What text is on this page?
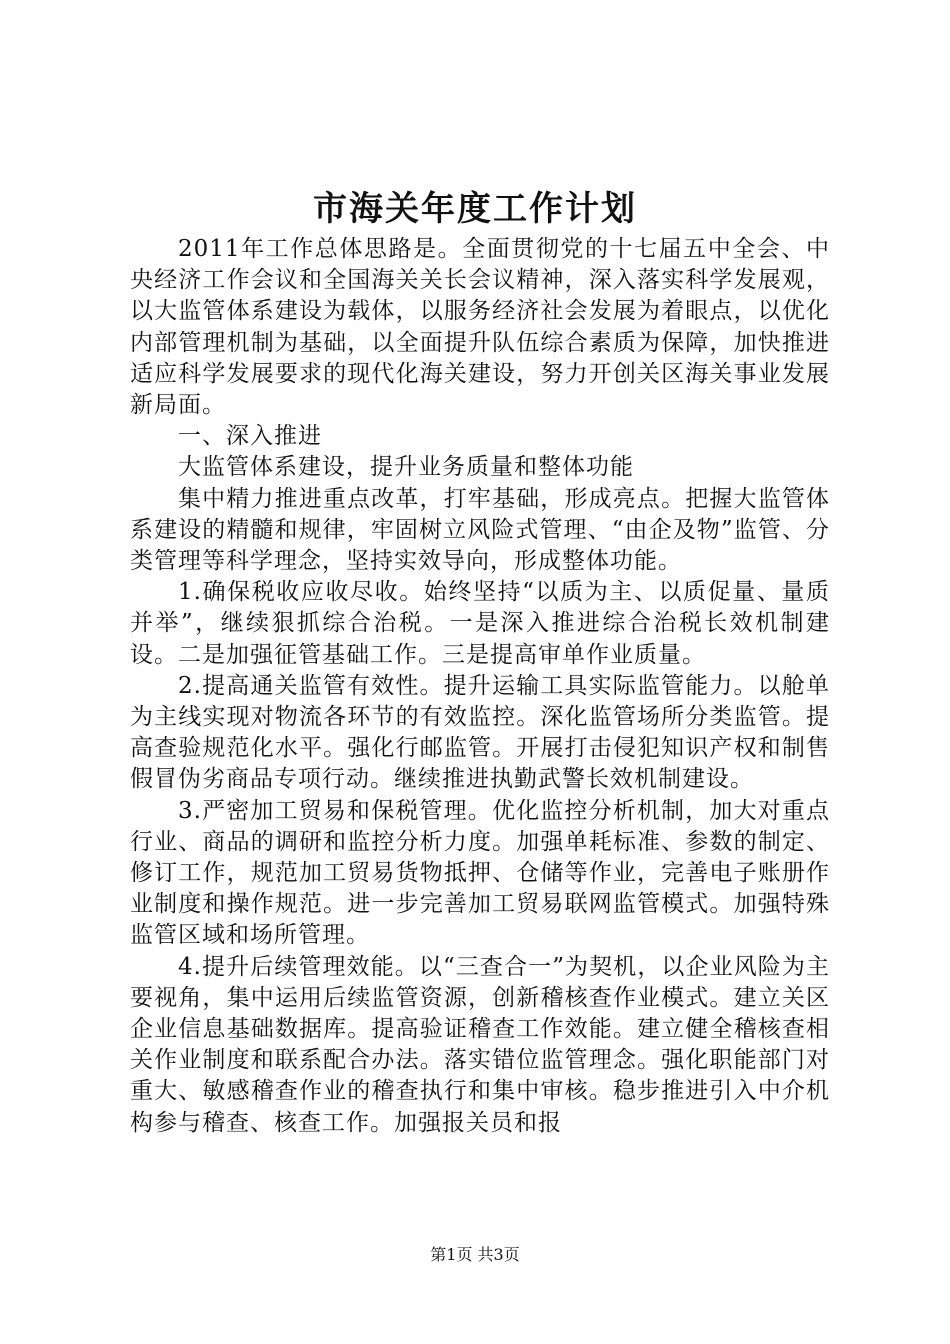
市海关年度工作计划

2011年工作总体思路是。全面贯彻党的十七届五中全会、中央经济工作会议和全国海关关长会议精神，深入落实科学发展观，以大监管体系建设为载体，以服务经济社会发展为着眼点，以优化内部管理机制为基础，以全面提升队伍综合素质为保障，加快推进适应科学发展要求的现代化海关建设，努力开创关区海关事业发展新局面。

一、深入推进

大监管体系建设，提升业务质量和整体功能

集中精力推进重点改革，打牢基础，形成亮点。把握大监管体系建设的精髓和规律，牢固树立风险式管理、“由企及物”监管、分类管理等科学理念，坚持实效导向，形成整体功能。

1.确保税收应收尽收。始终坚持“以质为主、以质促量、量质并举”，继续狠抓综合治税。一是深入推进综合治税长效机制建设。二是加强征管基础工作。三是提高审单作业质量。

2.提高通关监管有效性。提升运输工具实际监管能力。以舱单为主线实现对物流各环节的有效监控。深化监管场所分类监管。提高查验规范化水平。强化行邮监管。开展打击侵犯知识产权和制售假冒伪劣商品专项行动。继续推进执勤武警长效机制建设。

3.严密加工贸易和保税管理。优化监控分析机制，加大对重点行业、商品的调研和监控分析力度。加强单耗标准、参数的制定、修订工作，规范加工贸易货物抵押、仓储等作业，完善电子账册作业制度和操作规范。进一步完善加工贸易联网监管模式。加强特殊监管区域和场所管理。

4.提升后续管理效能。以“三查合一”为契机，以企业风险为主要视角，集中运用后续监管资源，创新稽核查作业模式。建立关区企业信息基础数据库。提高验证稽查工作效能。建立健全稽核查相关作业制度和联系配合办法。落实错位监管理念。强化职能部门对重大、敏感稽查作业的稽查执行和集中审核。稳步推进引入中介机构参与稽查、核查工作。加强报关员和报

第1页 共3页
